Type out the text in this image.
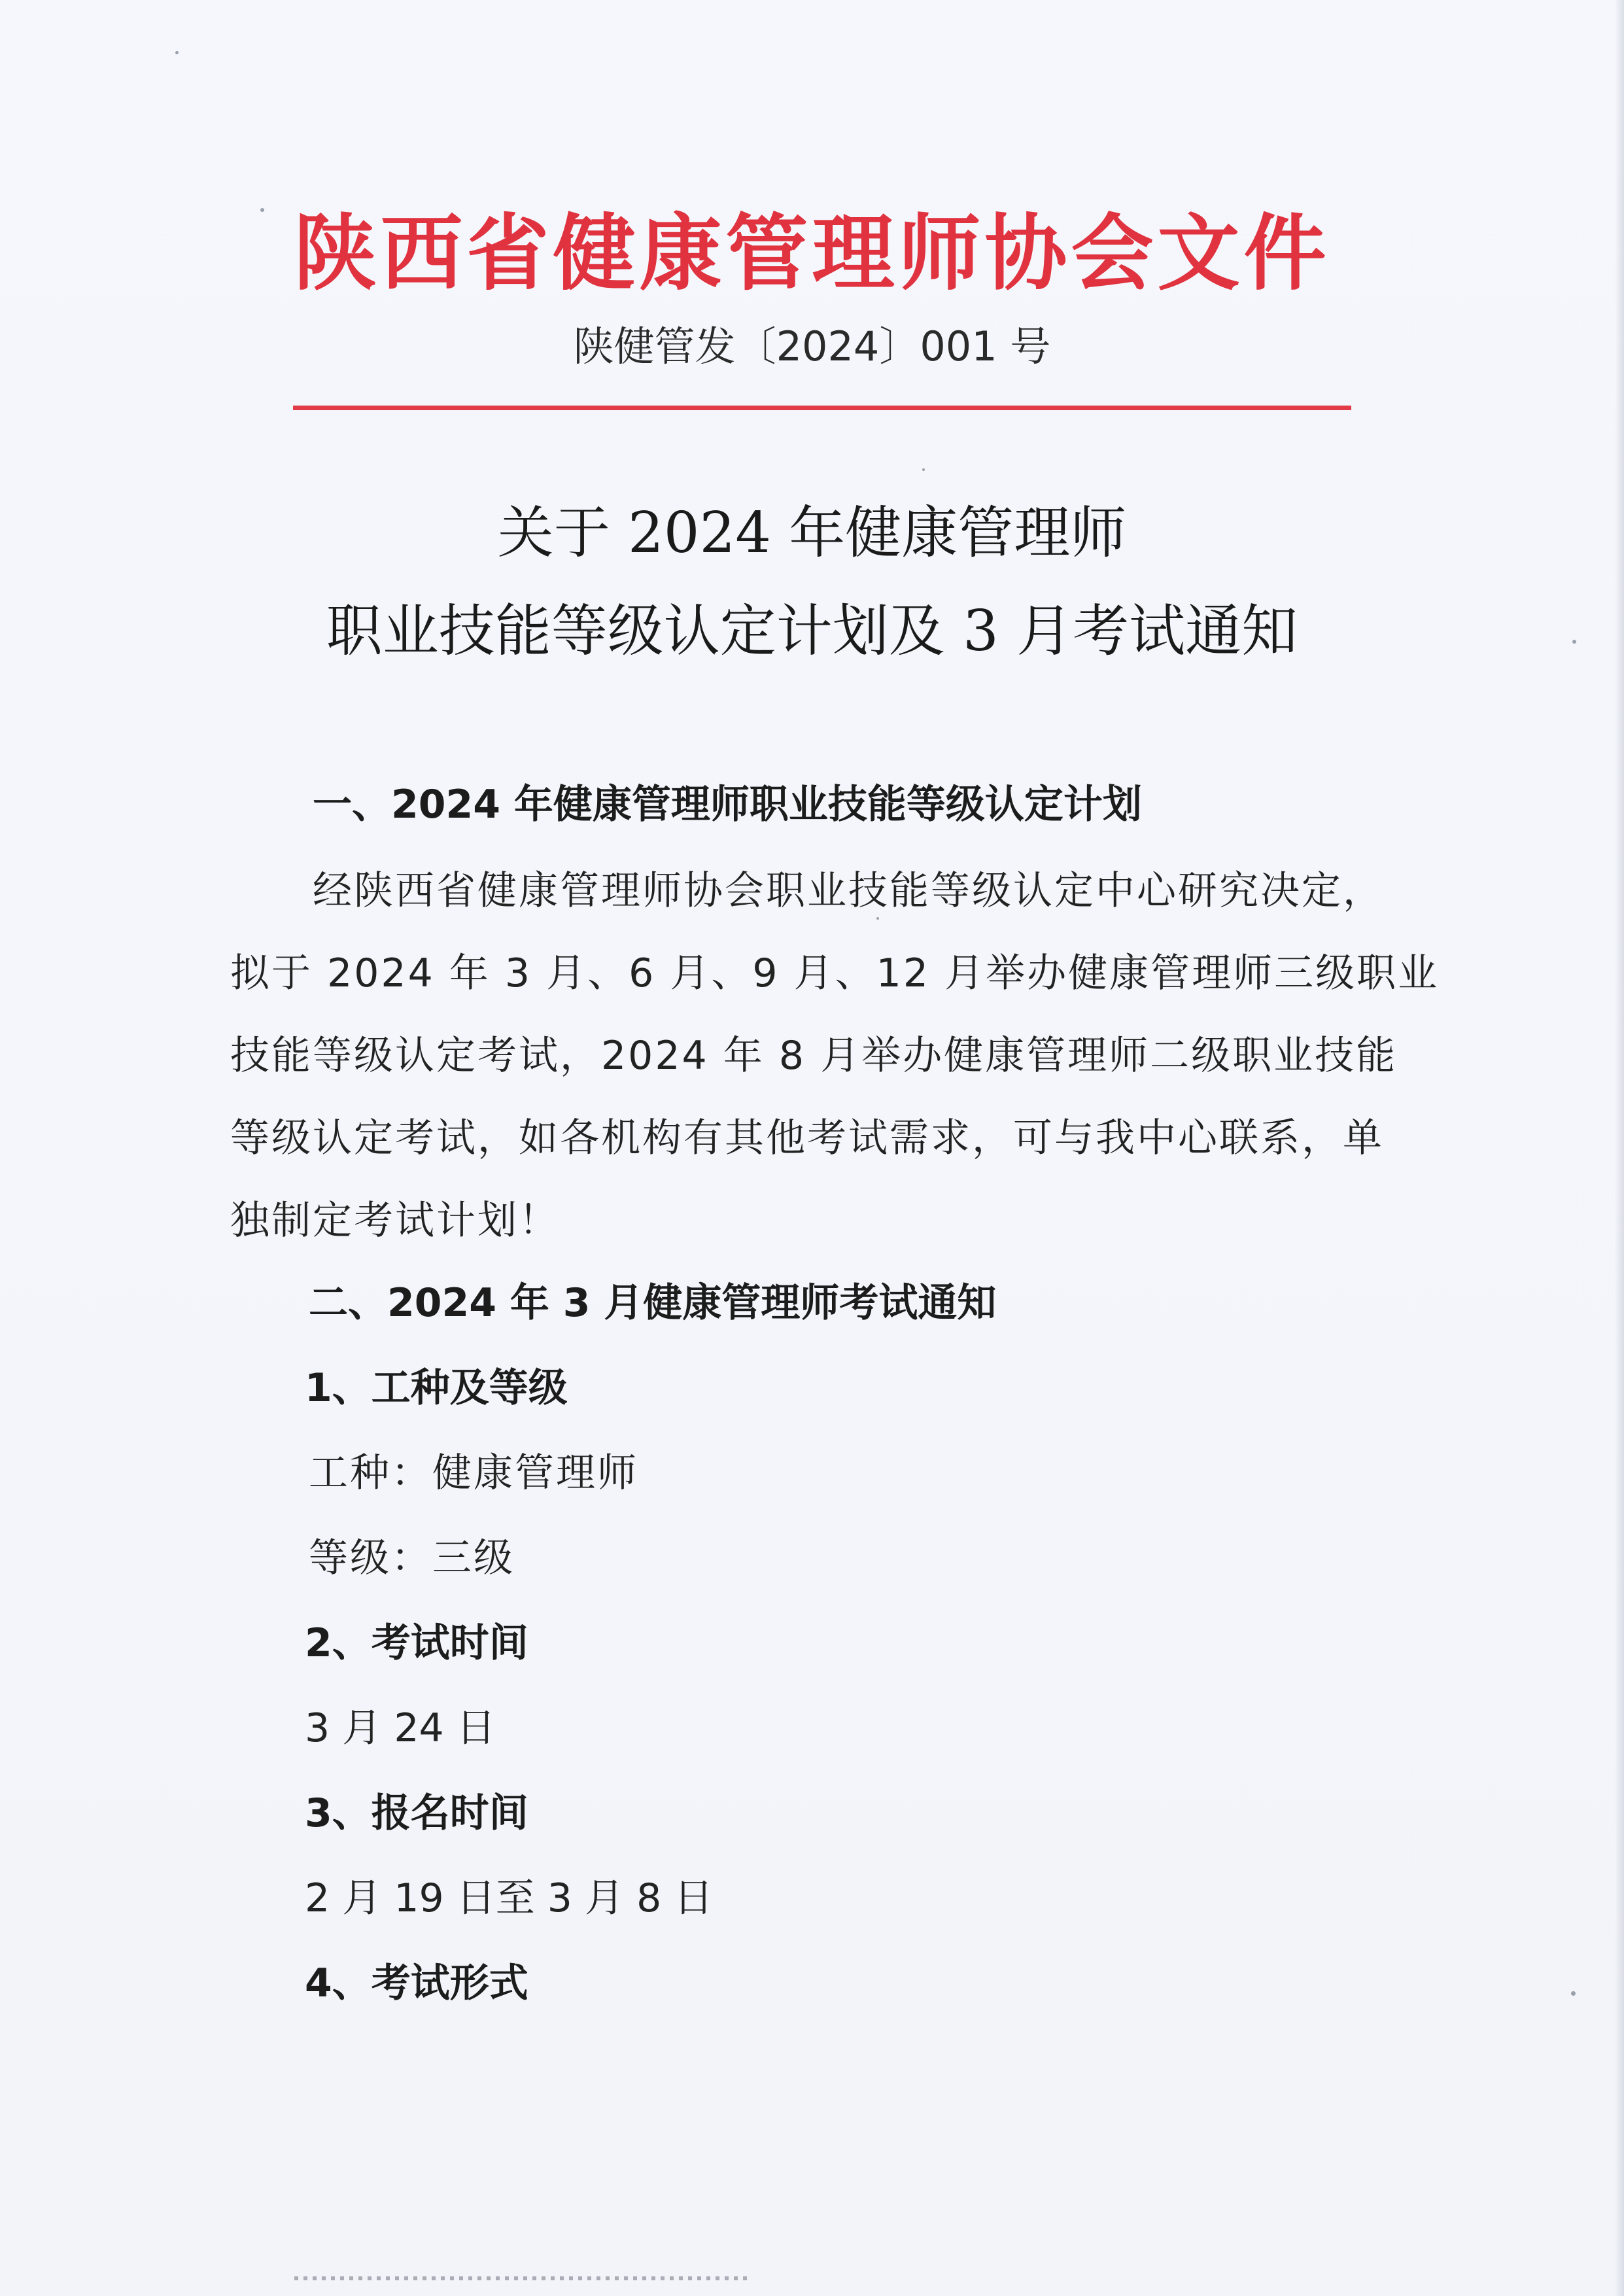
陕西省健康管理师协会文件
陕健管发〔2024〕001 号
关于 2024 年健康管理师
职业技能等级认定计划及 3 月考试通知
一、2024 年健康管理师职业技能等级认定计划
经陕西省健康管理师协会职业技能等级认定中心研究决定，
拟于 2024 年 3 月、6 月、9 月、12 月举办健康管理师三级职业
技能等级认定考试，2024 年 8 月举办健康管理师二级职业技能
等级认定考试，如各机构有其他考试需求，可与我中心联系，单
独制定考试计划！
二、2024 年 3 月健康管理师考试通知
1、工种及等级
工种：健康管理师
等级：三级
2、考试时间
3 月 24 日
3、报名时间
2 月 19 日至 3 月 8 日
4、考试形式
